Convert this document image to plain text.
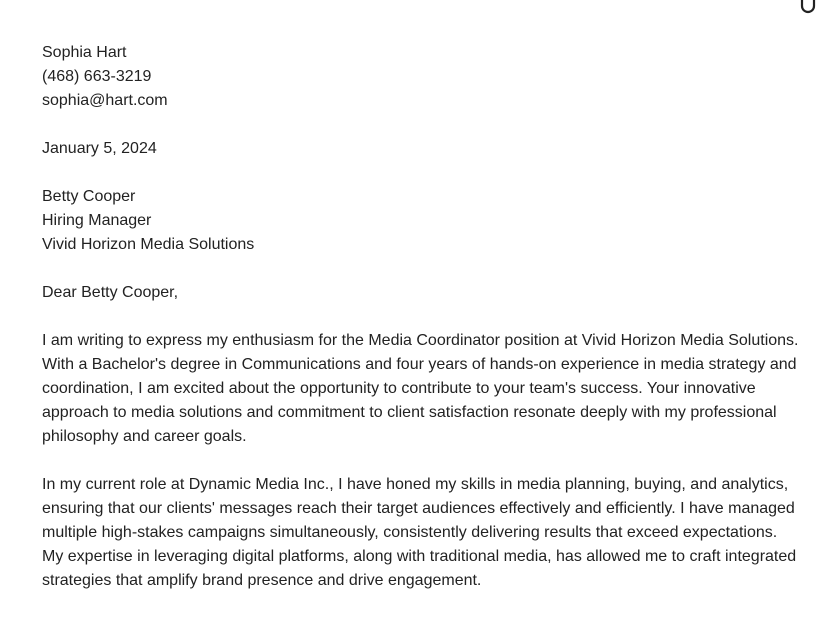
Sophia Hart
(468) 663-3219
sophia@hart.com
January 5, 2024
Betty Cooper
Hiring Manager
Vivid Horizon Media Solutions
Dear Betty Cooper,

I am writing to express my enthusiasm for the Media Coordinator position at Vivid Horizon Media Solutions. With a Bachelor's degree in Communications and four years of hands-on experience in media strategy and coordination, I am excited about the opportunity to contribute to your team's success. Your innovative approach to media solutions and commitment to client satisfaction resonate deeply with my professional philosophy and career goals.

In my current role at Dynamic Media Inc., I have honed my skills in media planning, buying, and analytics, ensuring that our clients' messages reach their target audiences effectively and efficiently. I have managed multiple high-stakes campaigns simultaneously, consistently delivering results that exceed expectations. My expertise in leveraging digital platforms, along with traditional media, has allowed me to craft integrated strategies that amplify brand presence and drive engagement.
